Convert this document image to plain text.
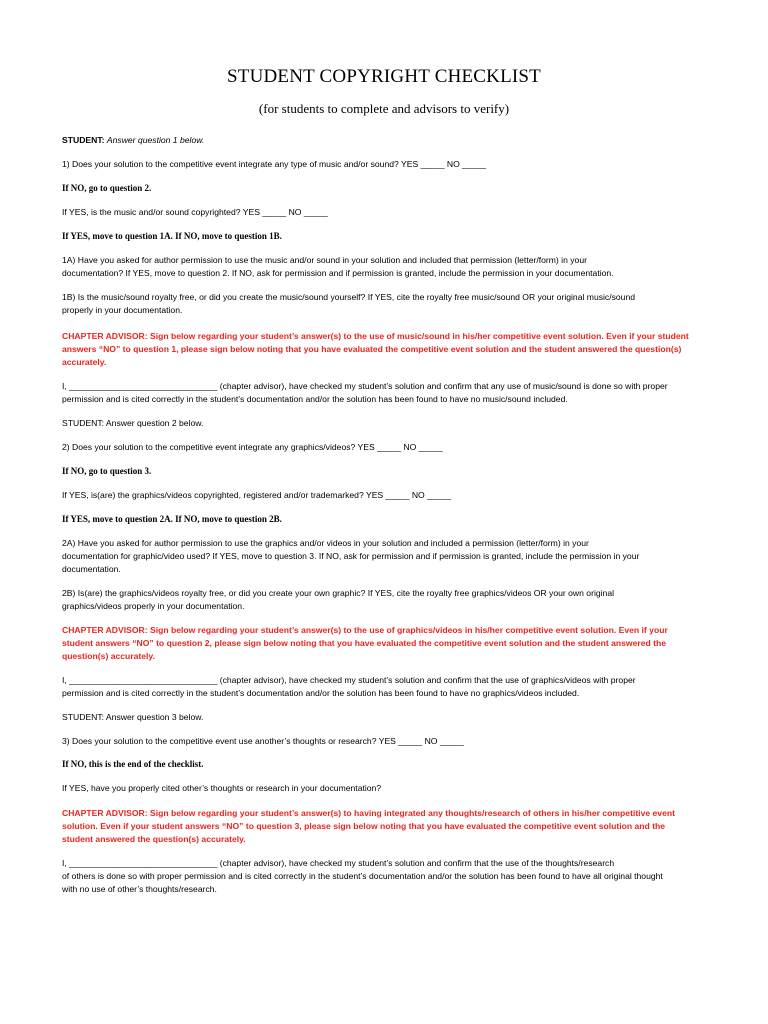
STUDENT COPYRIGHT CHECKLIST
(for students to complete and advisors to verify)
STUDENT: Answer question 1 below.
1) Does your solution to the competitive event integrate any type of music and/or sound? YES _____ NO _____
If NO, go to question 2.
If YES, is the music and/or sound copyrighted? YES _____ NO _____
If YES, move to question 1A. If NO, move to question 1B.
1A) Have you asked for author permission to use the music and/or sound in your solution and included that permission (letter/form) in your
documentation? If YES, move to question 2. If NO, ask for permission and if permission is granted, include the permission in your documentation.
1B) Is the music/sound royalty free, or did you create the music/sound yourself? If YES, cite the royalty free music/sound OR your original music/sound
properly in your documentation.
CHAPTER ADVISOR: Sign below regarding your student’s answer(s) to the use of music/sound in his/her competitive event solution. Even if your student
answers “NO” to question 1, please sign below noting that you have evaluated the competitive event solution and the student answered the question(s)
accurately.
I, _______________________________ (chapter advisor), have checked my student’s solution and confirm that any use of music/sound is done so with proper
permission and is cited correctly in the student’s documentation and/or the solution has been found to have no music/sound included.
STUDENT: Answer question 2 below.
2) Does your solution to the competitive event integrate any graphics/videos? YES _____ NO _____
If NO, go to question 3.
If YES, is(are) the graphics/videos copyrighted, registered and/or trademarked? YES _____ NO _____
If YES, move to question 2A. If NO, move to question 2B.
2A) Have you asked for author permission to use the graphics and/or videos in your solution and included a permission (letter/form) in your
documentation for graphic/video used? If YES, move to question 3. If NO, ask for permission and if permission is granted, include the permission in your
documentation.
2B) Is(are) the graphics/videos royalty free, or did you create your own graphic? If YES, cite the royalty free graphics/videos OR your own original
graphics/videos properly in your documentation.
CHAPTER ADVISOR: Sign below regarding your student’s answer(s) to the use of graphics/videos in his/her competitive event solution. Even if your
student answers “NO” to question 2, please sign below noting that you have evaluated the competitive event solution and the student answered the
question(s) accurately.
I, _______________________________ (chapter advisor), have checked my student’s solution and confirm that the use of graphics/videos with proper
permission and is cited correctly in the student’s documentation and/or the solution has been found to have no graphics/videos included.
STUDENT: Answer question 3 below.
3) Does your solution to the competitive event use another’s thoughts or research? YES _____ NO _____
If NO, this is the end of the checklist.
If YES, have you properly cited other’s thoughts or research in your documentation?
CHAPTER ADVISOR: Sign below regarding your student’s answer(s) to having integrated any thoughts/research of others in his/her competitive event
solution. Even if your student answers “NO” to question 3, please sign below noting that you have evaluated the competitive event solution and the
student answered the question(s) accurately.
I, _______________________________ (chapter advisor), have checked my student’s solution and confirm that the use of the thoughts/research
of others is done so with proper permission and is cited correctly in the student’s documentation and/or the solution has been found to have all original thought
with no use of other’s thoughts/research.
